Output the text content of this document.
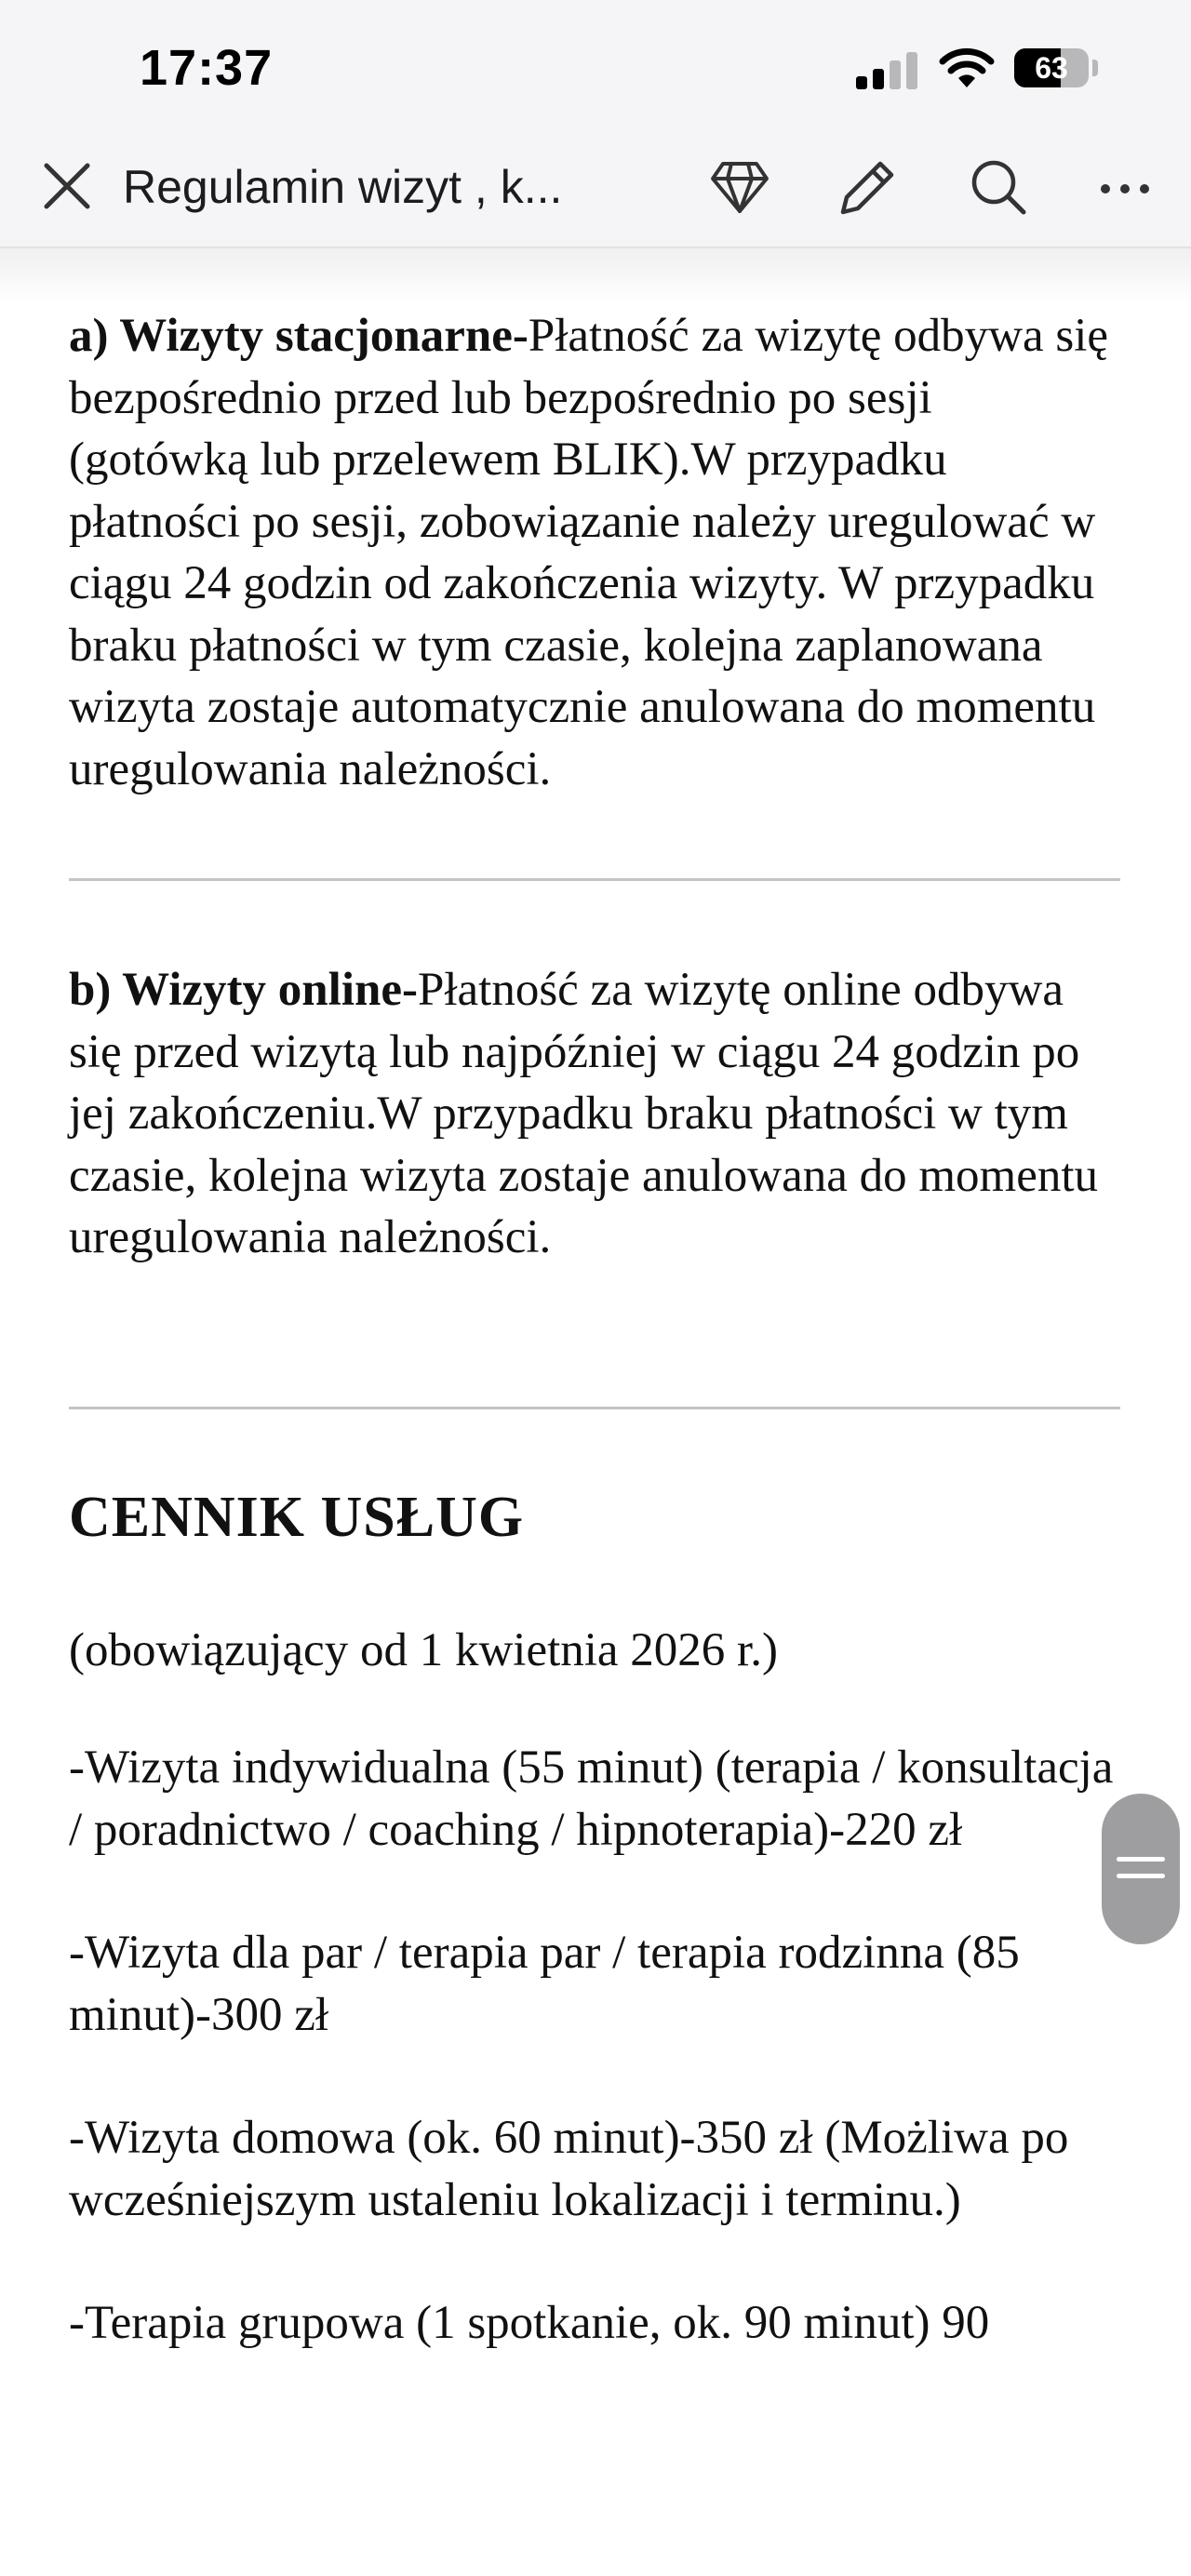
17:37	63
Regulamin wizyt , k...

a) Wizyty stacjonarne-Płatność za wizytę odbywa się bezpośrednio przed lub bezpośrednio po sesji (gotówką lub przelewem BLIK).W przypadku płatności po sesji, zobowiązanie należy uregulować w ciągu 24 godzin od zakończenia wizyty. W przypadku braku płatności w tym czasie, kolejna zaplanowana wizyta zostaje automatycznie anulowana do momentu uregulowania należności.

b) Wizyty online-Płatność za wizytę online odbywa się przed wizytą lub najpóźniej w ciągu 24 godzin po jej zakończeniu.W przypadku braku płatności w tym czasie, kolejna wizyta zostaje anulowana do momentu uregulowania należności.

CENNIK USŁUG

(obowiązujący od 1 kwietnia 2026 r.)

-Wizyta indywidualna (55 minut) (terapia / konsultacja / poradnictwo / coaching / hipnoterapia)-220 zł

-Wizyta dla par / terapia par / terapia rodzinna (85 minut)-300 zł

-Wizyta domowa (ok. 60 minut)-350 zł (Możliwa po wcześniejszym ustaleniu lokalizacji i terminu.)

-Terapia grupowa (1 spotkanie, ok. 90 minut) 90
